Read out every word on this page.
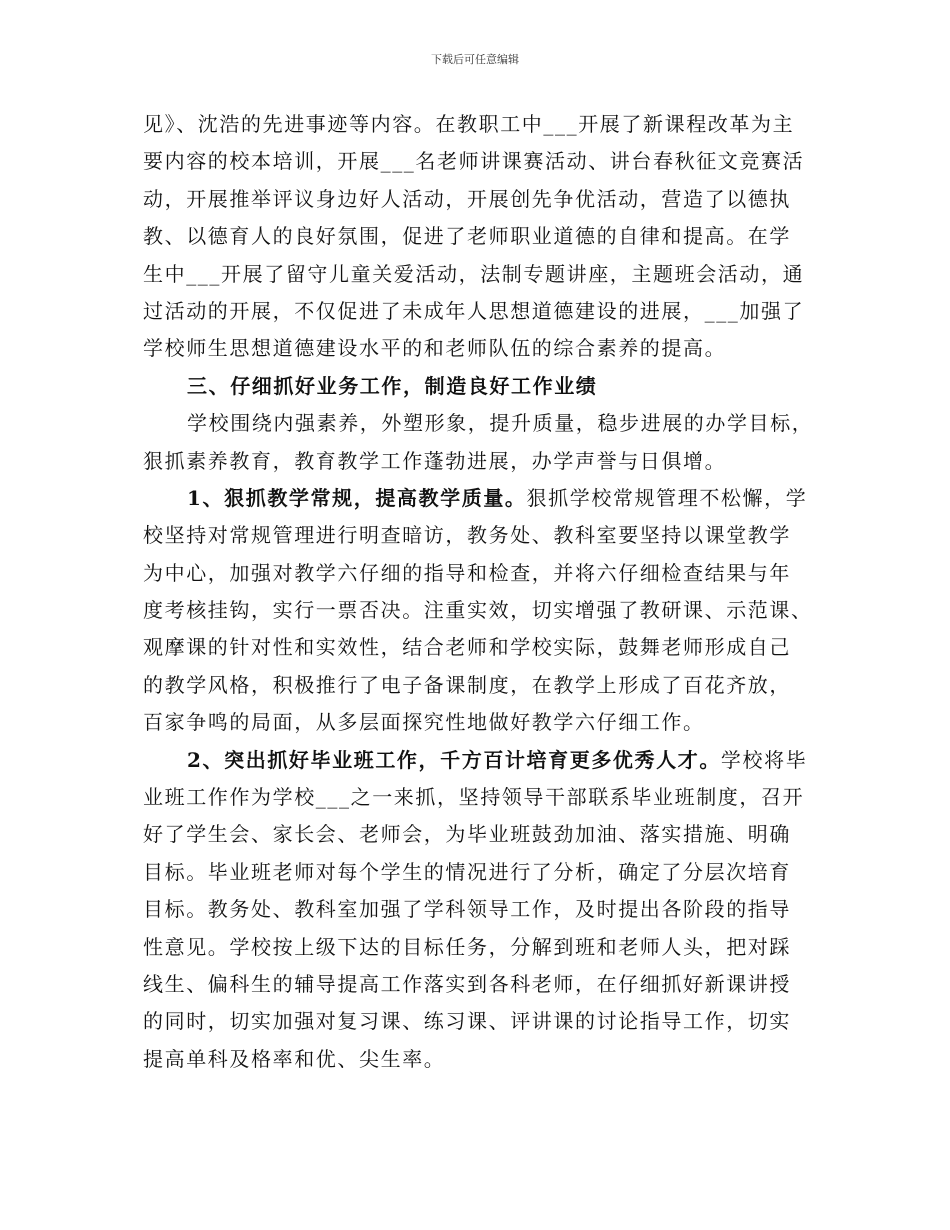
下载后可任意编辑
见》、沈浩的先进事迹等内容。在教职工中___开展了新课程改革为主
要内容的校本培训，开展___名老师讲课赛活动、讲台春秋征文竞赛活
动，开展推举评议身边好人活动，开展创先争优活动，营造了以德执
教、以德育人的良好氛围，促进了老师职业道德的自律和提高。在学
生中___开展了留守儿童关爱活动，法制专题讲座，主题班会活动，通
过活动的开展，不仅促进了未成年人思想道德建设的进展，___加强了
学校师生思想道德建设水平的和老师队伍的综合素养的提高。
三、仔细抓好业务工作，制造良好工作业绩
学校围绕内强素养，外塑形象，提升质量，稳步进展的办学目标，
狠抓素养教育，教育教学工作蓬勃进展，办学声誉与日俱增。
1、狠抓教学常规，提高教学质量。狠抓学校常规管理不松懈，学
校坚持对常规管理进行明查暗访，教务处、教科室要坚持以课堂教学
为中心，加强对教学六仔细的指导和检查，并将六仔细检查结果与年
度考核挂钩，实行一票否决。注重实效，切实增强了教研课、示范课、
观摩课的针对性和实效性，结合老师和学校实际，鼓舞老师形成自己
的教学风格，积极推行了电子备课制度，在教学上形成了百花齐放，
百家争鸣的局面，从多层面探究性地做好教学六仔细工作。
2、突出抓好毕业班工作，千方百计培育更多优秀人才。学校将毕
业班工作作为学校___之一来抓，坚持领导干部联系毕业班制度，召开
好了学生会、家长会、老师会，为毕业班鼓劲加油、落实措施、明确
目标。毕业班老师对每个学生的情况进行了分析，确定了分层次培育
目标。教务处、教科室加强了学科领导工作，及时提出各阶段的指导
性意见。学校按上级下达的目标任务，分解到班和老师人头，把对踩
线生、偏科生的辅导提高工作落实到各科老师，在仔细抓好新课讲授
的同时，切实加强对复习课、练习课、评讲课的讨论指导工作，切实
提高单科及格率和优、尖生率。
